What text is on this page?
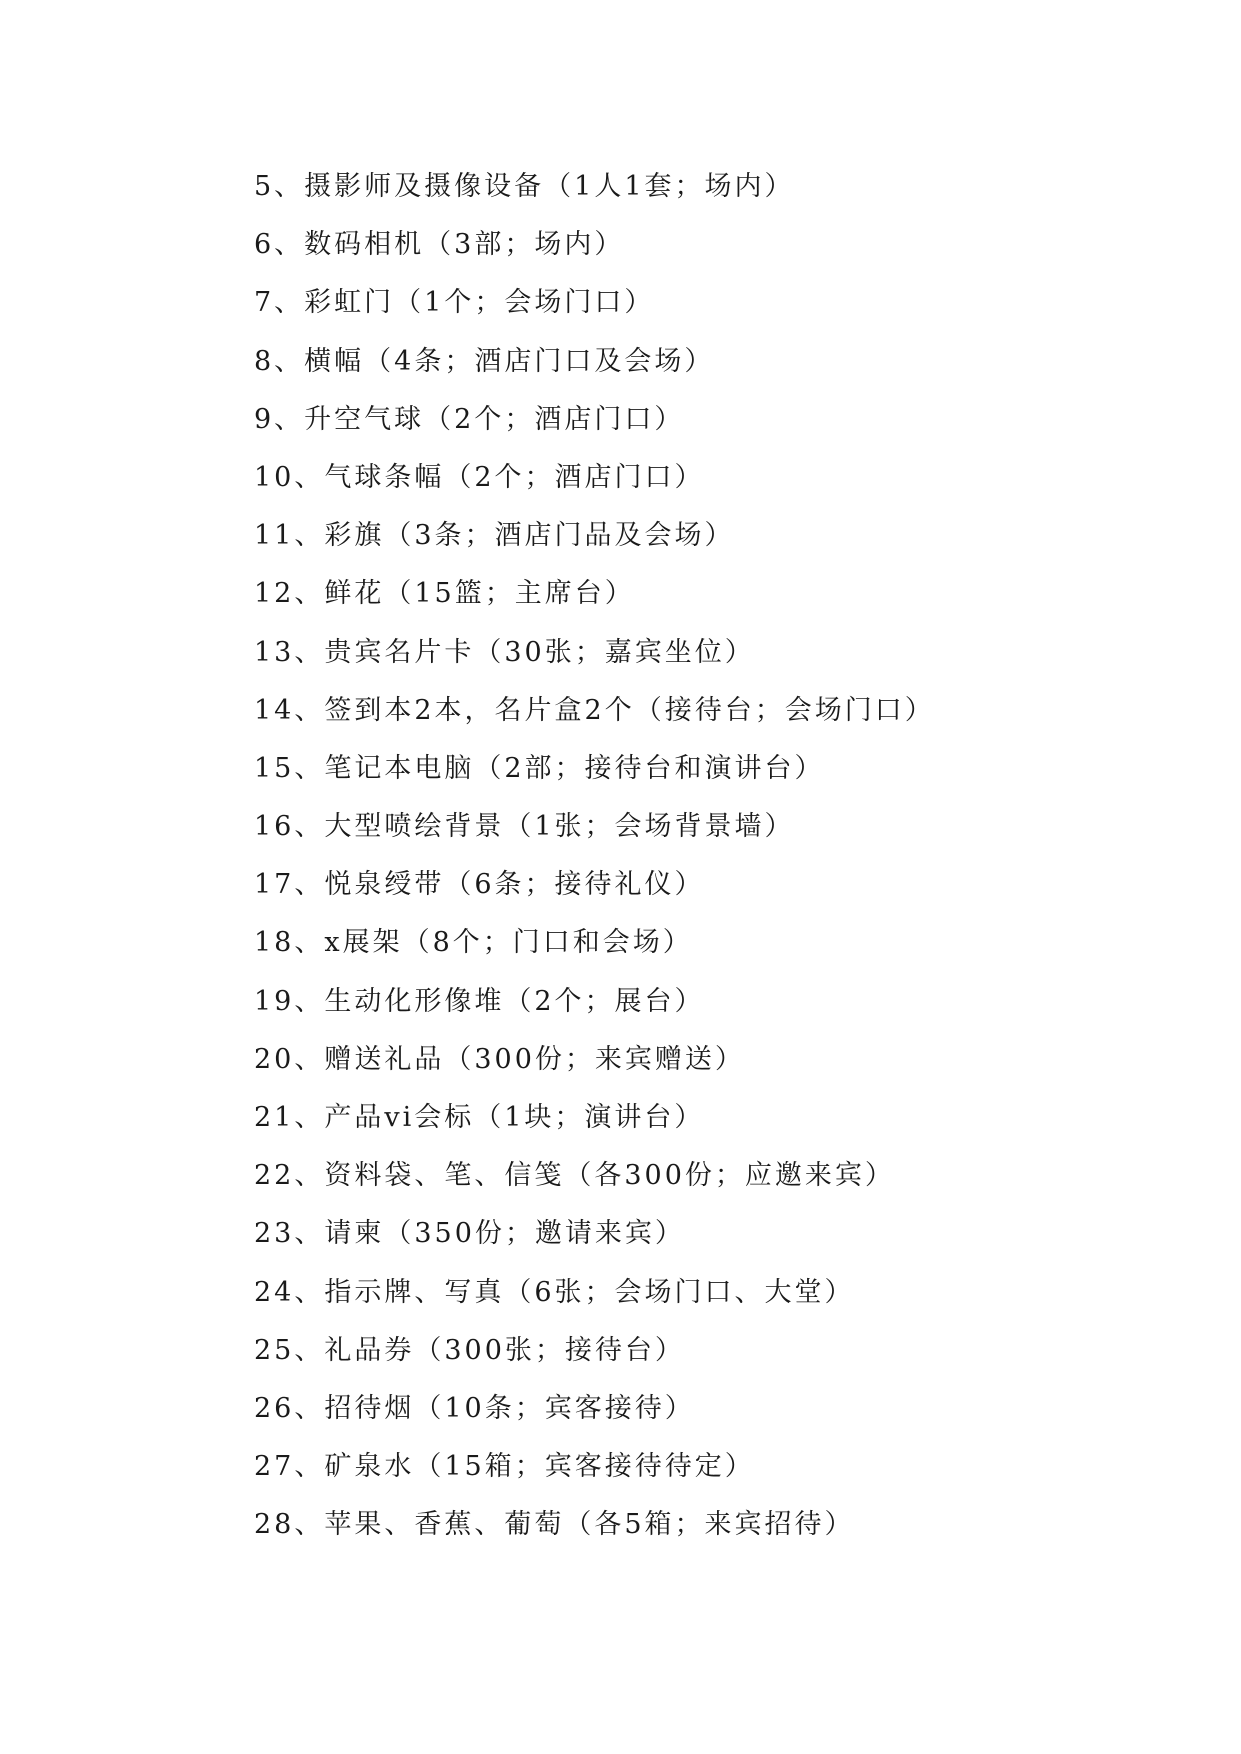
5、摄影师及摄像设备（1人1套；场内）
6、数码相机（3部；场内）
7、彩虹门（1个；会场门口）
8、横幅（4条；酒店门口及会场）
9、升空气球（2个；酒店门口）
10、气球条幅（2个；酒店门口）
11、彩旗（3条；酒店门品及会场）
12、鲜花（15篮；主席台）
13、贵宾名片卡（30张；嘉宾坐位）
14、签到本2本，名片盒2个（接待台；会场门口）
15、笔记本电脑（2部；接待台和演讲台）
16、大型喷绘背景（1张；会场背景墙）
17、悦泉绶带（6条；接待礼仪）
18、x展架（8个；门口和会场）
19、生动化形像堆（2个；展台）
20、赠送礼品（300份；来宾赠送）
21、产品vi会标（1块；演讲台）
22、资料袋、笔、信笺（各300份；应邀来宾）
23、请柬（350份；邀请来宾）
24、指示牌、写真（6张；会场门口、大堂）
25、礼品券（300张；接待台）
26、招待烟（10条；宾客接待）
27、矿泉水（15箱；宾客接待待定）
28、苹果、香蕉、葡萄（各5箱；来宾招待）
